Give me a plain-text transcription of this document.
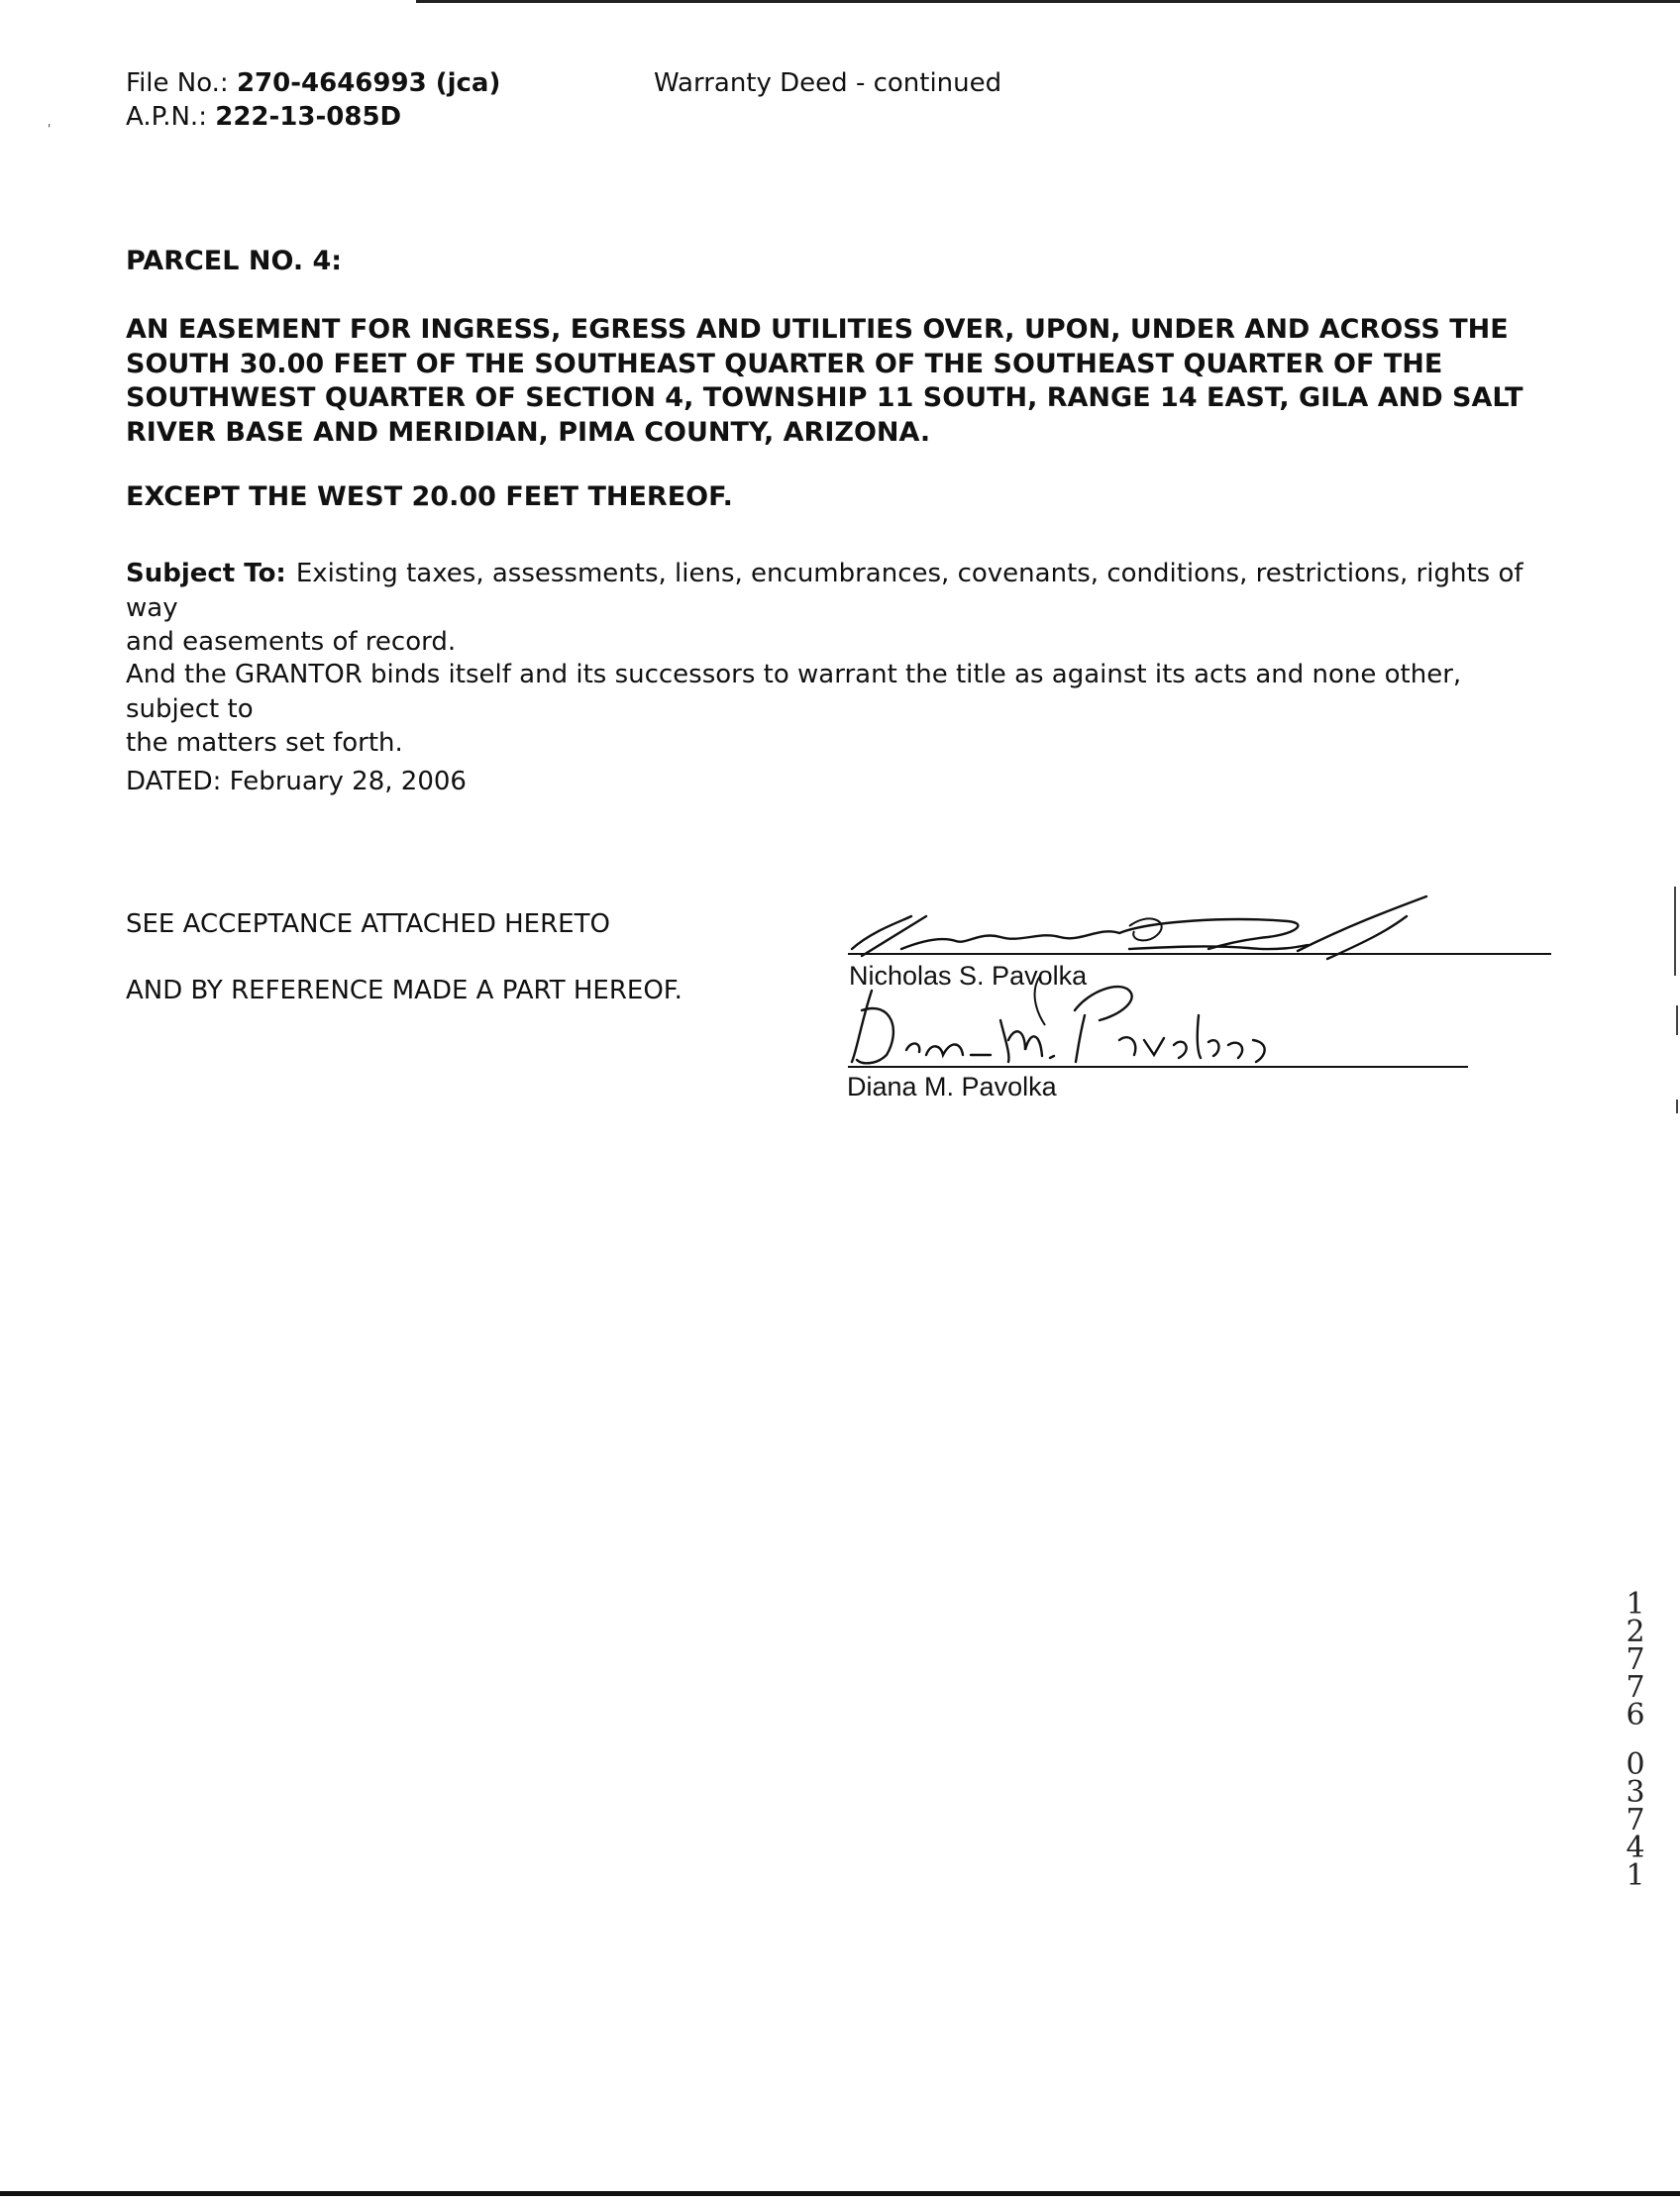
'
File No.: 270-4646993 (jca)
A.P.N.: 222-13-085D
Warranty Deed - continued
PARCEL NO. 4:
AN EASEMENT FOR INGRESS, EGRESS AND UTILITIES OVER, UPON, UNDER AND ACROSS THE
SOUTH 30.00 FEET OF THE SOUTHEAST QUARTER OF THE SOUTHEAST QUARTER OF THE
SOUTHWEST QUARTER OF SECTION 4, TOWNSHIP 11 SOUTH, RANGE 14 EAST, GILA AND SALT
RIVER BASE AND MERIDIAN, PIMA COUNTY, ARIZONA.
EXCEPT THE WEST 20.00 FEET THEREOF.
Subject To: Existing taxes, assessments, liens, encumbrances, covenants, conditions, restrictions, rights of way
and easements of record.
And the GRANTOR binds itself and its successors to warrant the title as against its acts and none other, subject to
the matters set forth.
DATED: February 28, 2006
SEE ACCEPTANCE ATTACHED HERETO
AND BY REFERENCE MADE A PART HEREOF.	Nicholas S. Pavolka
Diana M. Pavolka
1
2
7
7
6
0
3
7
4
1
